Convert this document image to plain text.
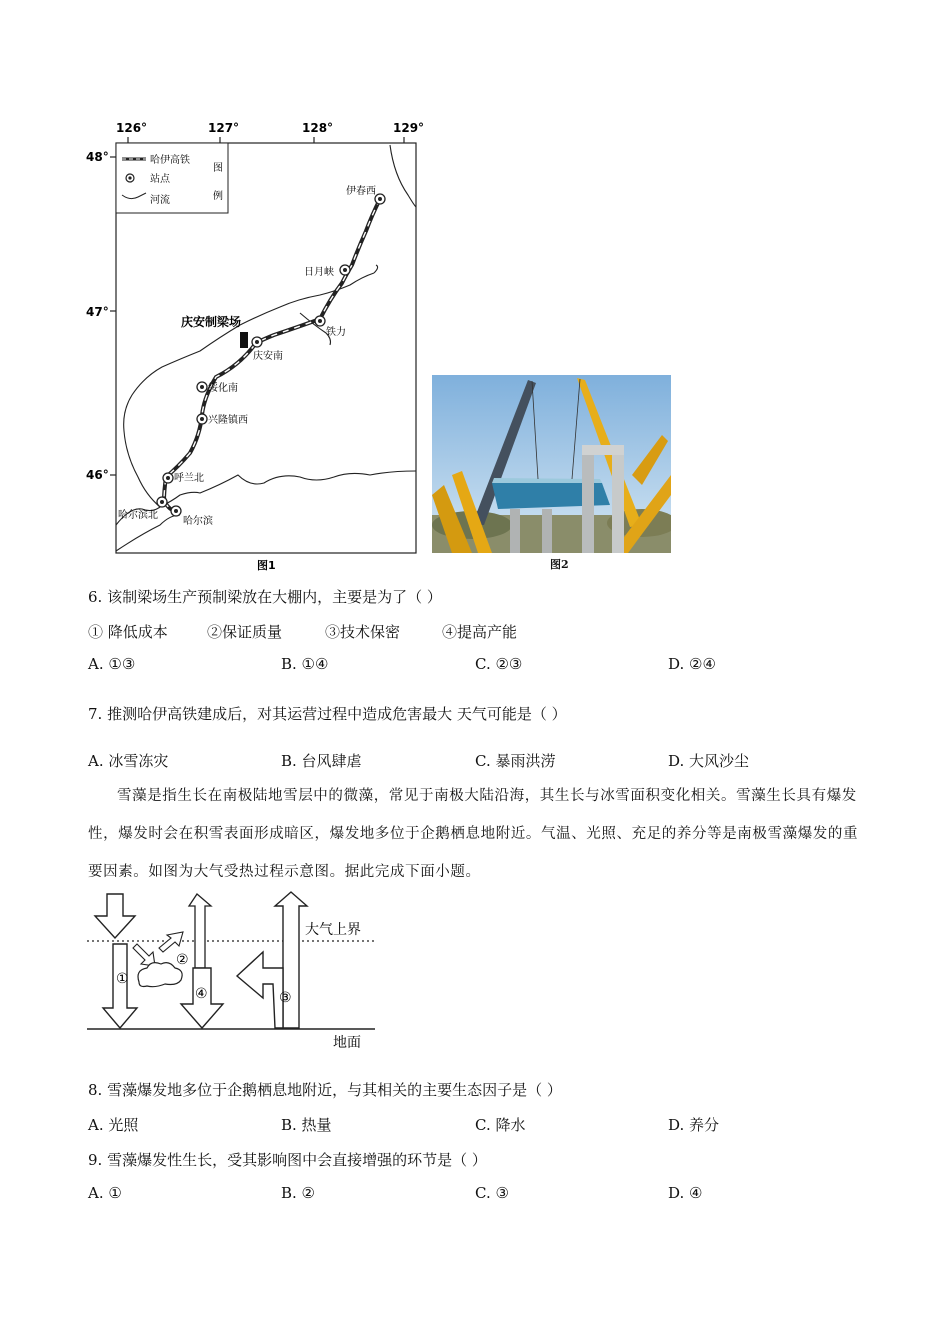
126°	127°	128°	129°
48°
47°
46°
哈伊高铁
站点
河流
图
例
庆安制梁场
伊春西
日月峡
铁力
庆安南
绥化南
兴隆镇西
呼兰北
哈尔滨北
哈尔滨
图1	图2
6. 该制梁场生产预制梁放在大棚内，主要是为了（ ）
① 降低成本	②保证质量	③技术保密	④提高产能
A. ①③	B. ①④	C. ②③	D. ②④
7. 推测哈伊高铁建成后，对其运营过程中造成危害最大 天气可能是（ ）
A. 冰雪冻灾	B. 台风肆虐	C. 暴雨洪涝	D. 大风沙尘
雪藻是指生长在南极陆地雪层中的微藻，常见于南极大陆沿海，其生长与冰雪面积变化相关。雪藻生长具有爆发性，爆发时会在积雪表面形成暗区，爆发地多位于企鹅栖息地附近。气温、光照、充足的养分等是南极雪藻爆发的重要因素。如图为大气受热过程示意图。据此完成下面小题。
大气上界
地面
①
②
④	③
8. 雪藻爆发地多位于企鹅栖息地附近，与其相关的主要生态因子是（ ）
A. 光照	B. 热量	C. 降水	D. 养分
9. 雪藻爆发性生长，受其影响图中会直接增强的环节是（ ）
A. ①	B. ②	C. ③	D. ④
